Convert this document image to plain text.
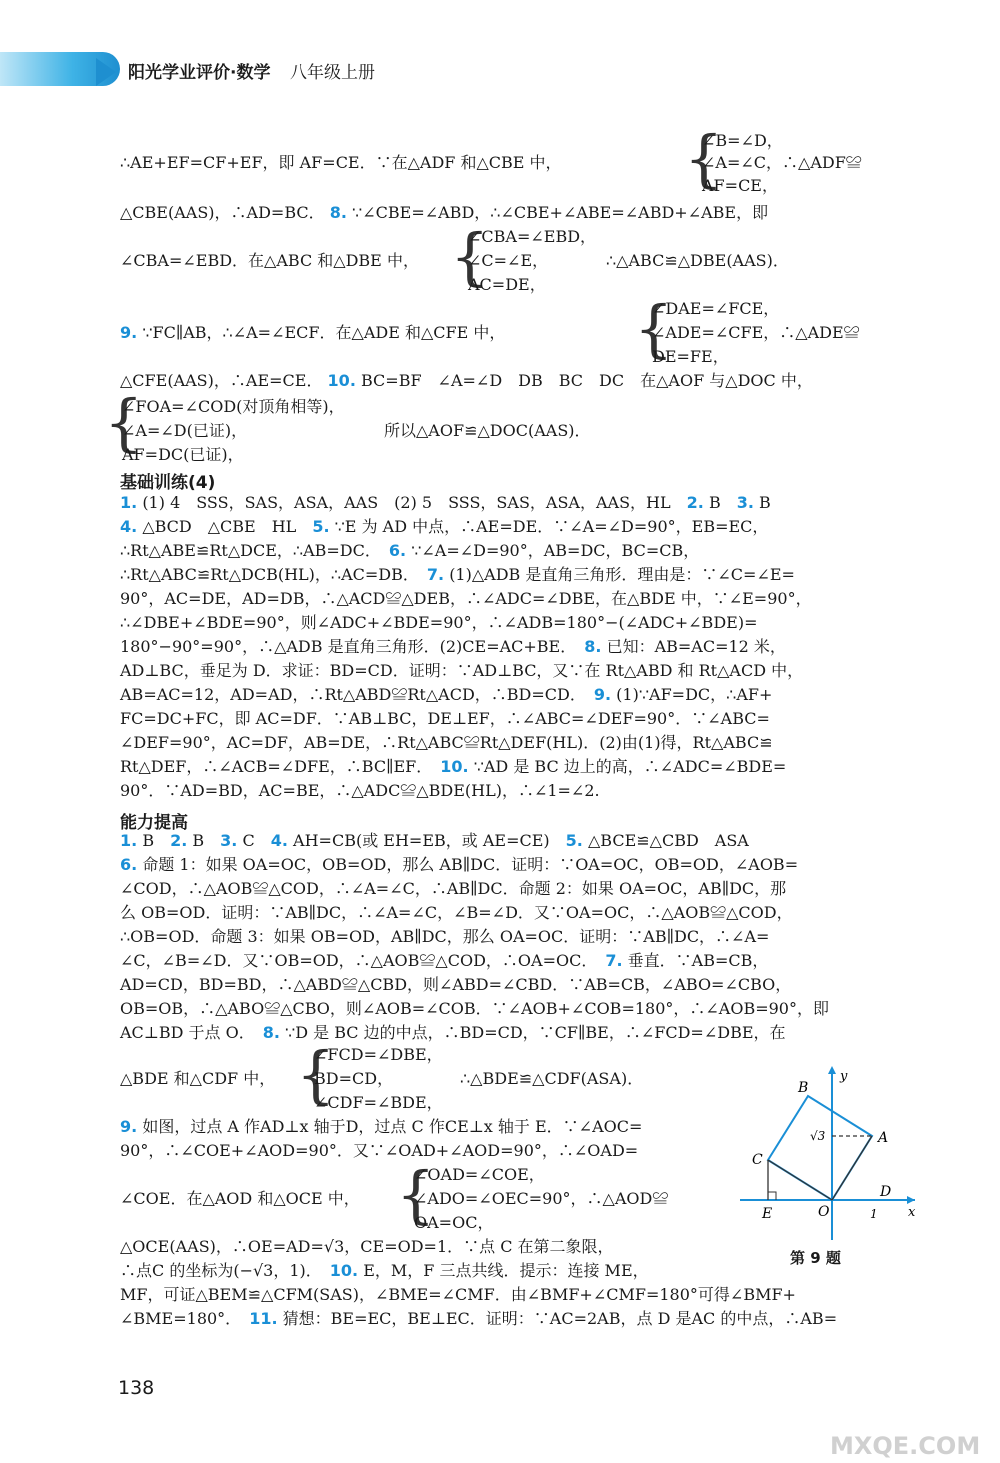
阳光学业评价·数学 八年级上册
∴AE+EF=CF+EF，即 AF=CE．∵在△ADF 和△CBE 中，	{
∠B=∠D，
∠A=∠C，∴△ADF≌
AF=CE，
△CBE(AAS)，∴AD=BC． 8. ∵∠CBE=∠ABD，∴∠CBE+∠ABE=∠ABD+∠ABE，即
∠CBA=∠EBD．在△ABC 和△DBE 中， {
∠CBA=∠EBD，
∠C=∠E，
AC=DE，
∴△ABC≌△DBE(AAS)．
9. ∵FC∥AB，∴∠A=∠ECF．在△ADE 和△CFE 中，	{
∠DAE=∠FCE，
∠ADE=∠CFE，∴△ADE≌
DE=FE，
△CFE(AAS)，∴AE=CE． 10. BC=BF　∠A=∠D　DB　BC　DC　在△AOF 与△DOC 中，
{
∠FOA=∠COD(对顶角相等)，
∠A=∠D(已证)，
AF=DC(已证)，
所以△AOF≌△DOC(AAS)．
基础训练(4)
1. (1) 4　SSS，SAS，ASA，AAS　(2) 5　SSS，SAS，ASA，AAS，HL　2. B　3. B
4. △BCD　△CBE　HL　5. ∵E 为 AD 中点，∴AE=DE．∵∠A=∠D=90°，EB=EC，
∴Rt△ABE≌Rt△DCE，∴AB=DC．　6. ∵∠A=∠D=90°，AB=DC，BC=CB，
∴Rt△ABC≌Rt△DCB(HL)，∴AC=DB．　7. (1)△ADB 是直角三角形．理由是：∵∠C=∠E=
90°，AC=DE，AD=DB，∴△ACD≌△DEB，∴∠ADC=∠DBE，在△BDE 中，∵∠E=90°，
∴∠DBE+∠BDE=90°，则∠ADC+∠BDE=90°，∴∠ADB=180°−(∠ADC+∠BDE)=
180°−90°=90°，∴△ADB 是直角三角形．(2)CE=AC+BE．　8. 已知：AB=AC=12 米，
AD⊥BC，垂足为 D．求证：BD=CD．证明：∵AD⊥BC，又∵在 Rt△ABD 和 Rt△ACD 中，
AB=AC=12，AD=AD，∴Rt△ABD≌Rt△ACD，∴BD=CD．　9. (1)∵AF=DC，∴AF+
FC=DC+FC，即 AC=DF．∵AB⊥BC，DE⊥EF，∴∠ABC=∠DEF=90°．∵∠ABC=
∠DEF=90°，AC=DF，AB=DE，∴Rt△ABC≌Rt△DEF(HL)．(2)由(1)得，Rt△ABC≌
Rt△DEF，∴∠ACB=∠DFE，∴BC∥EF．　10. ∵AD 是 BC 边上的高，∴∠ADC=∠BDE=
90°．∵AD=BD，AC=BE，∴△ADC≌△BDE(HL)，∴∠1=∠2.
能力提高
1. B　2. B　3. C　4. AH=CB(或 EH=EB，或 AE=CE)　5. △BCE≌△CBD　ASA
6. 命题 1：如果 OA=OC，OB=OD，那么 AB∥DC．证明：∵OA=OC，OB=OD，∠AOB=
∠COD，∴△AOB≌△COD，∴∠A=∠C，∴AB∥DC．命题 2：如果 OA=OC，AB∥DC，那
么 OB=OD．证明：∵AB∥DC，∴∠A=∠C，∠B=∠D．又∵OA=OC，∴△AOB≌△COD，
∴OB=OD．命题 3：如果 OB=OD，AB∥DC，那么 OA=OC．证明：∵AB∥DC，∴∠A=
∠C，∠B=∠D．又∵OB=OD，∴△AOB≌△COD，∴OA=OC．　7. 垂直．∵AB=CB，
AD=CD，BD=BD，∴△ABD≌△CBD，则∠ABD=∠CBD．∵AB=CB，∠ABO=∠CBO，
OB=OB，∴△ABO≌△CBO，则∠AOB=∠COB．∵∠AOB+∠COB=180°，∴∠AOB=90°，即
AC⊥BD 于点 O．　8. ∵D 是 BC 边的中点，∴BD=CD，∵CF∥BE，∴∠FCD=∠DBE，在
9. 如图，过点 A 作AD⊥x 轴于D，过点 C 作CE⊥x 轴于 E．∵∠AOC=
90°，∴∠COE+∠AOD=90°．又∵∠OAD+∠AOD=90°，∴∠OAD=
△OCE(AAS)，∴OE=AD=√3，CE=OD=1．∵点 C 在第二象限，
∴点C 的坐标为(−√3，1)．　10. E，M，F 三点共线．提示：连接 ME，
MF，可证△BEM≌△CFM(SAS)，∠BME=∠CMF．由∠BMF+∠CMF=180°可得∠BMF+
∠BME=180°．　11. 猜想：BE=EC，BE⊥EC．证明：∵AC=2AB，点 D 是AC 的中点，∴AB=
△BDE 和△CDF 中， {
∠FCD=∠DBE，
BD=CD，
∠CDF=∠BDE，
∴△BDE≌△CDF(ASA)．
∠COE．在△AOD 和△OCE 中， {
∠OAD=∠COE，
∠ADO=∠OEC=90°，∴△AOD≌
OA=OC，
B
A
C
D
E	O	x
y
1
√3
第 9 题
138
MXQE.COM
